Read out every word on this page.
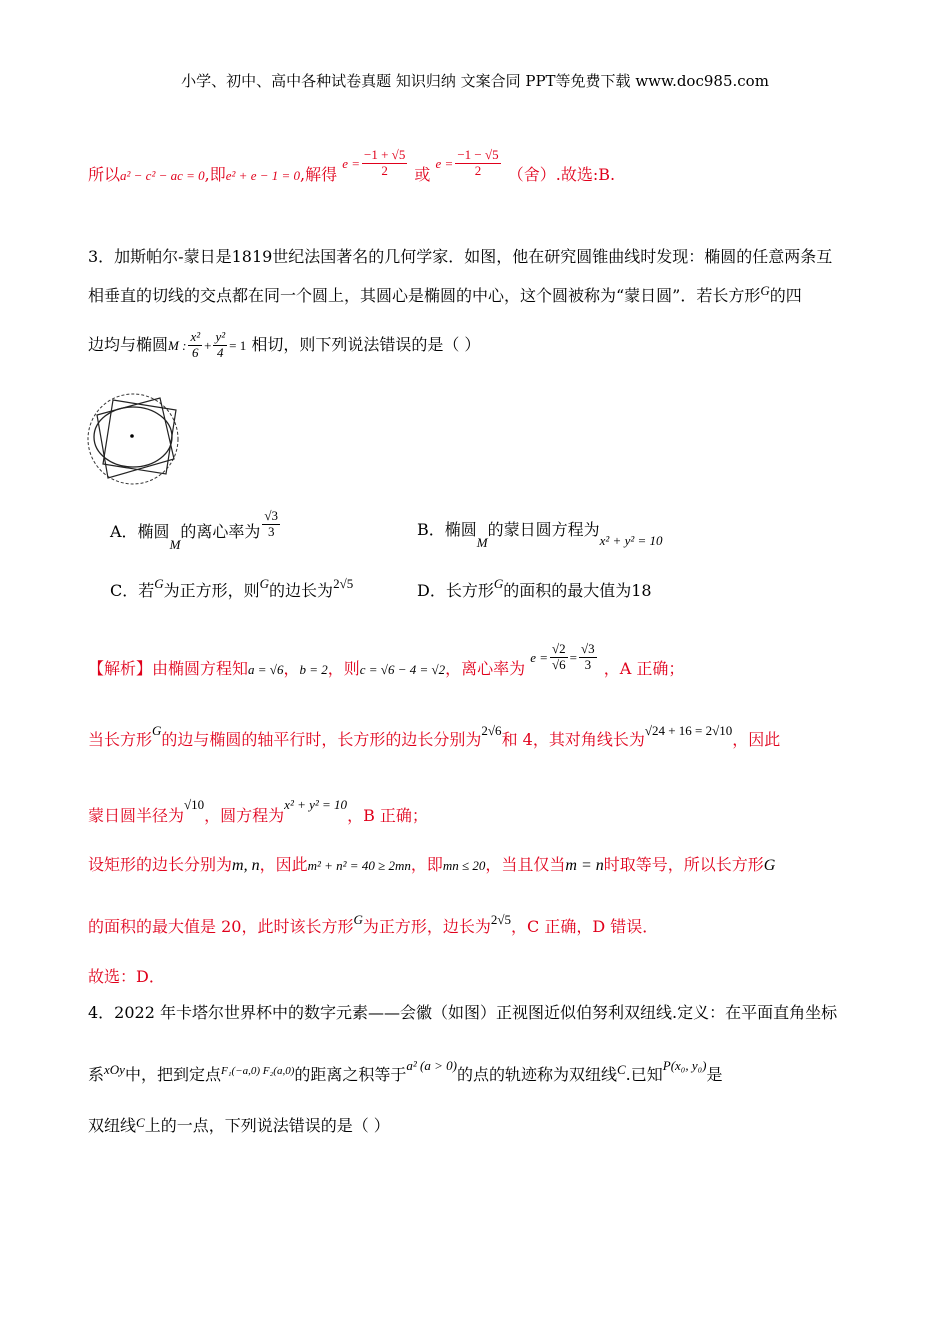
小学、初中、高中各种试卷真题 知识归纳 文案合同 PPT等免费下载 www.doc985.com
所以a² − c² − ac = 0,即e² + e − 1 = 0,解得 $^{e =} \frac{-1 + √5}{2}$ 或 $^{e =} \frac{-1 - √5}{2}$ （舍）.故选:B.
3．加斯帕尔-蒙日是1819世纪法国著名的几何学家．如图，他在研究圆锥曲线时发现：椭圆的任意两条互
相垂直的切线的交点都在同一个圆上，其圆心是椭圆的中心，这个圆被称为“蒙日圆”．若长方形$^G$的四
边均与椭圆M : $\frac{\text{x²}}{6} + \frac{\text{y²}}{4} = 1$ 相切，则下列说法错误的是（ ）
A．椭圆$_M$的离心率为 $\frac{√3}{3}$	B．椭圆$_M$的蒙日圆方程为$_{x^2 + y^2 = 10}$
C．若$^G$为正方形，则$^G$的边长为$^{2√5}$	D．长方形$^G$的面积的最大值为18
【解析】由椭圆方程知a = √6，b = 2，则c = √6 − 4 = √2，离心率为 $^{e =} \frac{√2}{√6} ^= \frac{√3}{3}$ ，A 正确；
当长方形$^G$的边与椭圆的轴平行时，长方形的边长分别为$^{2√6}$和 4，其对角线长为$^{√24 + 16 = 2√10}$，因此
蒙日圆半径为$^{√10}$，圆方程为$^{x^2 + y^2 = 10}$，B 正确；
设矩形的边长分别为m, n，因此m² + n² = 40 ≥ 2mn，即mn ≤ 20，当且仅当m = n时取等号，所以长方形G
的面积的最大值是 20，此时该长方形$^G$为正方形，边长为$^{2√5}$，C 正确，D 错误．
故选：D．
4．2022 年卡塔尔世界杯中的数字元素——会徽（如图）正视图近似伯努利双纽线.定义：在平面直角坐标
系$^{xOy}$中，把到定点$^{F_1(-a,0) F_2(a,0)}$的距离之积等于$^{a^2 (a > 0)}$的点的轨迹称为双纽线$^C$.已知$^{P(x_0, y_0)}$是
双纽线$^C$上的一点，下列说法错误的是（ ）
